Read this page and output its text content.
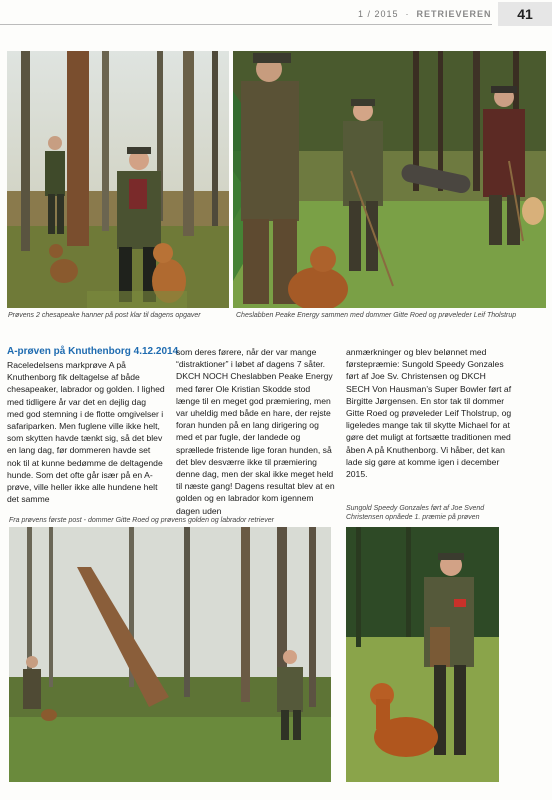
1 / 2015  ·  RETRIEVEREN	41
Prøvens 2 chesapeake hanner på post klar til dagens opgaver	Cheslabben Peake Energy sammen med dommer Gitte Roed og prøveleder Leif Tholstrup
A-prøven på Knuthenborg 4.12.2014

Raceledelsens markprøve A på Knuthenborg fik deltagelse af både chesapeaker, labrador og golden. I lighed med tidligere år var det en dejlig dag med god stemning i de flotte omgivelser i safariparken. Men fuglene ville ikke helt, som skytten havde tænkt sig, så det blev en lang dag, før dommeren havde set nok til at kunne bedømme de deltagende hunde. Som det ofte går især på en A-prøve, ville heller ikke alle hundene helt det samme

som deres førere, når der var mange “distraktioner” i løbet af dagens 7 såter. DKCH NOCH Cheslabben Peake Energy med fører Ole Kristian Skodde stod længe til en meget god præmiering, men var uheldig med både en hare, der rejste foran hunden på en lang dirigering og med et par fugle, der landede og sprællede fristende lige foran hunden, så det blev desværre ikke til præmiering denne dag, men der skal ikke meget held til næste gang! Dagens resultat blev at en golden og en labrador kom igennem dagen uden

anmærkninger og blev belønnet med førstepræmie: Sungold Speedy Gonzales ført af Joe Sv. Christensen og DKCH SECH Von Hausman’s Super Bowler ført af Birgitte Jørgensen. En stor tak til dommer Gitte Roed og prøveleder Leif Tholstrup, og ligeledes mange tak til skytte Michael for at gøre det muligt at fortsætte traditionen med åben A på Knuthenborg. Vi håber, det kan lade sig gøre at komme igen i december 2015.

Fra prøvens første post - dommer Gitte Roed og prøvens golden og labrador retriever
Sungold Speedy Gonzales ført af Joe Svend Christensen opnåede 1. præmie på prøven
